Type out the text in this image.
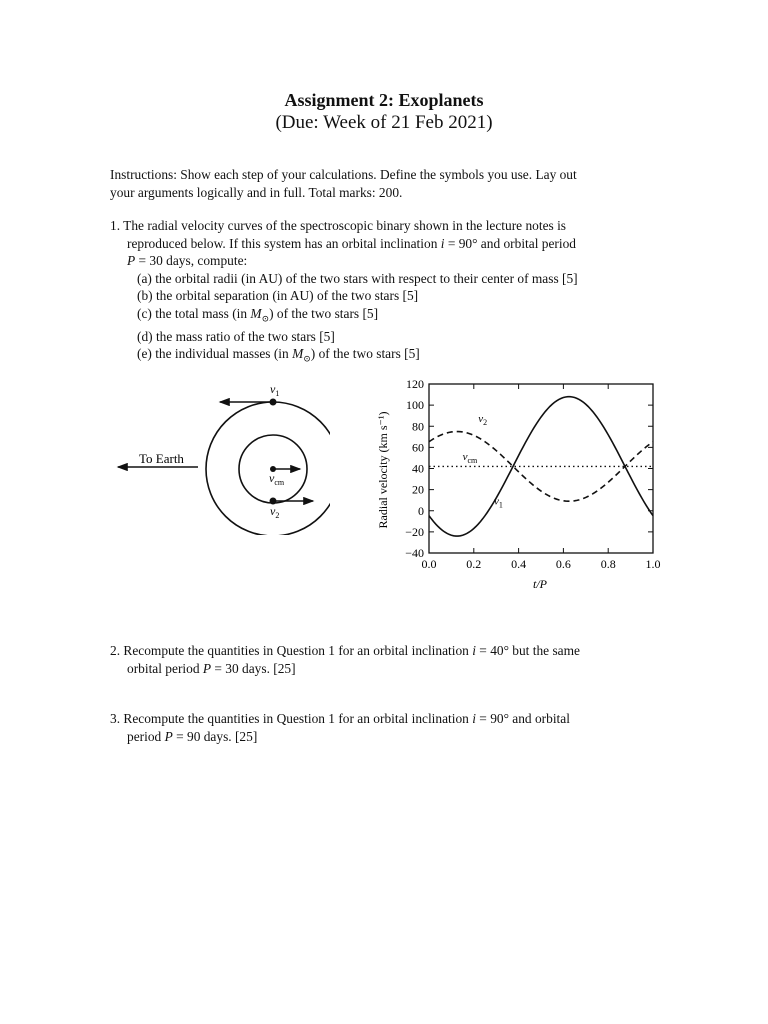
Assignment 2: Exoplanets
(Due: Week of 21 Feb 2021)
Instructions: Show each step of your calculations. Define the symbols you use. Lay out
your arguments logically and in full. Total marks: 200.
1. The radial velocity curves of the spectroscopic binary shown in the lecture notes is
reproduced below. If this system has an orbital inclination i = 90° and orbital period
P = 30 days, compute:
(a) the orbital radii (in AU) of the two stars with respect to their center of mass [5]
(b) the orbital separation (in AU) of the two stars [5]
(c) the total mass (in $M_⊙$) of the two stars [5]
(d) the mass ratio of the two stars [5]
(e) the individual masses (in $M_⊙$) of the two stars [5]
To Earth
$v_1$
$v_{cm}$
$v_2$
0.0 0.2 0.4 0.6 0.8 1.0
120
100
80
60
40
20
0
−20
−40
$v_1$
$v_2$
$v_{cm}$
Radial velocity (km s⁻¹)
t/P
2. Recompute the quantities in Question 1 for an orbital inclination i = 40° but the same
orbital period P = 30 days. [25]
3. Recompute the quantities in Question 1 for an orbital inclination i = 90° and orbital
period P = 90 days. [25]
